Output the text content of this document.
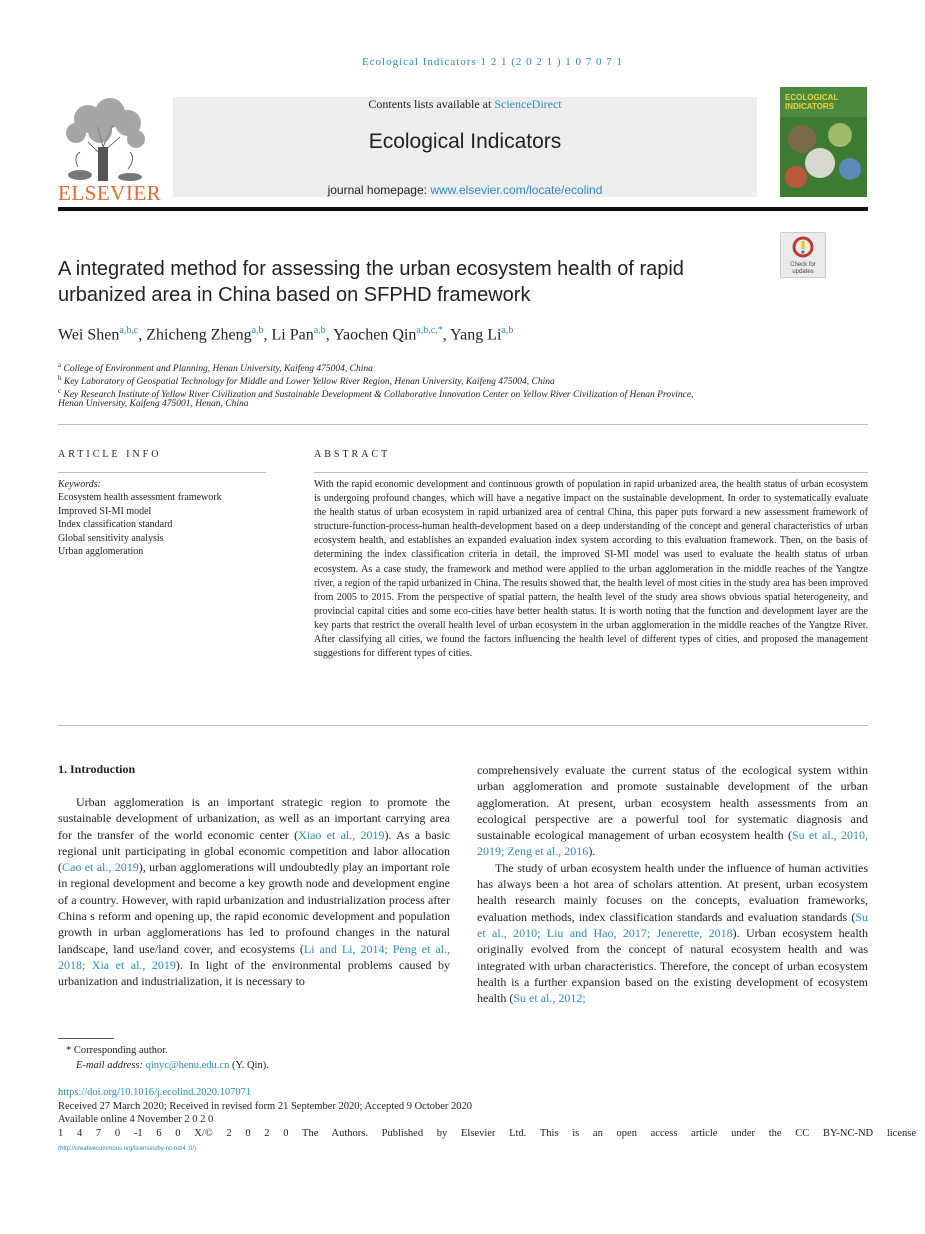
Ecological Indicators 1 2 1 (2 0 2 1 ) 1 0 7 0 7 1
ELSEVIER
Contents lists available at ScienceDirect
Ecological Indicators
journal homepage: www.elsevier.com/locate/ecolind
ECOLOGICAL INDICATORS
A integrated method for assessing the urban ecosystem health of rapid urbanized area in China based on SFPHD framework
Check for updates
Wei Shen$^{a,b,c}$, Zhicheng Zheng$^{a,b}$, Li Pan$^{a,b}$, Yaochen Qin$^{a,b,c,*}$, Yang Li$^{a,b}$
$^a$ College of Environment and Planning, Henan University, Kaifeng 475004, China
$^b$ Key Laboratory of Geospatial Technology for Middle and Lower Yellow River Region, Henan University, Kaifeng 475004, China
$^c$ Key Research Institute of Yellow River Civilization and Sustainable Development & Collaborative Innovation Center on Yellow River Civilization of Henan Province,
Henan University, Kaifeng 475001, Henan, China
ARTICLE INFO	ABSTRACT
Keywords:
Ecosystem health assessment framework
Improved SI-MI model
Index classification standard
Global sensitivity analysis
Urban agglomeration
With the rapid economic development and continuous growth of population in rapid urbanized area, the health status of urban ecosystem is undergoing profound changes, which will have a negative impact on the sustainable development. In order to systematically evaluate the health status of urban ecosystem in rapid urbanized area of central China, this paper puts forward a new assessment framework of structure-function-process-human health-development based on a deep understanding of the concept and general characteristics of urban ecosystem health, and establishes an expanded evaluation index system according to this evaluation framework. Then, on the basis of determining the index classification criteria in detail, the improved SI-MI model was used to evaluate the health status of urban ecosystem. As a case study, the framework and method were applied to the urban agglomeration in the middle reaches of the Yangtze river, a region of the rapid urbanized in China. The results showed that, the health level of most cities in the study area has been improved from 2005 to 2015. From the perspective of spatial pattern, the health level of the study area shows obvious spatial heterogeneity, and provincial capital cities and some eco-cities have better health status. It is worth noting that the function and development layer are the key parts that restrict the overall health level of urban ecosystem in the urban agglomeration in the middle reaches of the Yangtze River. After classifying all cities, we found the factors influencing the health level of different types of cities, and proposed the management suggestions for different types of cities.
1. Introduction

Urban agglomeration is an important strategic region to promote the sustainable development of urbanization, as well as an important carrying area for the transfer of the world economic center (Xiao et al., 2019). As a basic regional unit participating in global economic competition and labor allocation (Cao et al., 2019), urban agglomerations will undoubtedly play an important role in regional development and become a key growth node and development engine of a country. However, with rapid urbanization and industrialization process after China s reform and opening up, the rapid economic development and population growth in urban agglomerations has led to profound changes in the natural landscape, land use/land cover, and ecosystems (Li and Li, 2014; Peng et al., 2018; Xia et al., 2019). In light of the environmental problems caused by urbanization and industrialization, it is necessary to

comprehensively evaluate the current status of the ecological system within urban agglomeration and promote sustainable development of the urban agglomeration. At present, urban ecosystem health assessments from an ecological perspective are a powerful tool for systematic diagnosis and sustainable ecological management of urban ecosystem health (Su et al., 2010, 2019; Zeng et al., 2016).

The study of urban ecosystem health under the influence of human activities has always been a hot area of scholars attention. At present, urban ecosystem health research mainly focuses on the concepts, evaluation frameworks, evaluation methods, index classification standards and evaluation standards (Su et al., 2010; Liu and Hao, 2017; Jenerette, 2018). Urban ecosystem health originally evolved from the concept of natural ecosystem health and was integrated with urban characteristics. Therefore, the concept of urban ecosystem health is a further expansion based on the existing development of ecosystem health (Su et al., 2012;

* Corresponding author.
E-mail address: qinyc@henu.edu.cn (Y. Qin).
https://doi.org/10.1016/j.ecolind.2020.107071
Received 27 March 2020; Received in revised form 21 September 2020; Accepted 9 October 2020
Available online 4 November 2 0 2 0
1 4 7 0 -1 6 0 X/© 2 0 2 0 The Authors. Published by Elsevier Ltd. This is an open access article under the CC BY-NC-ND license
(http://creativecommons.org/licenses/by-nc-nd/4 .0/)
